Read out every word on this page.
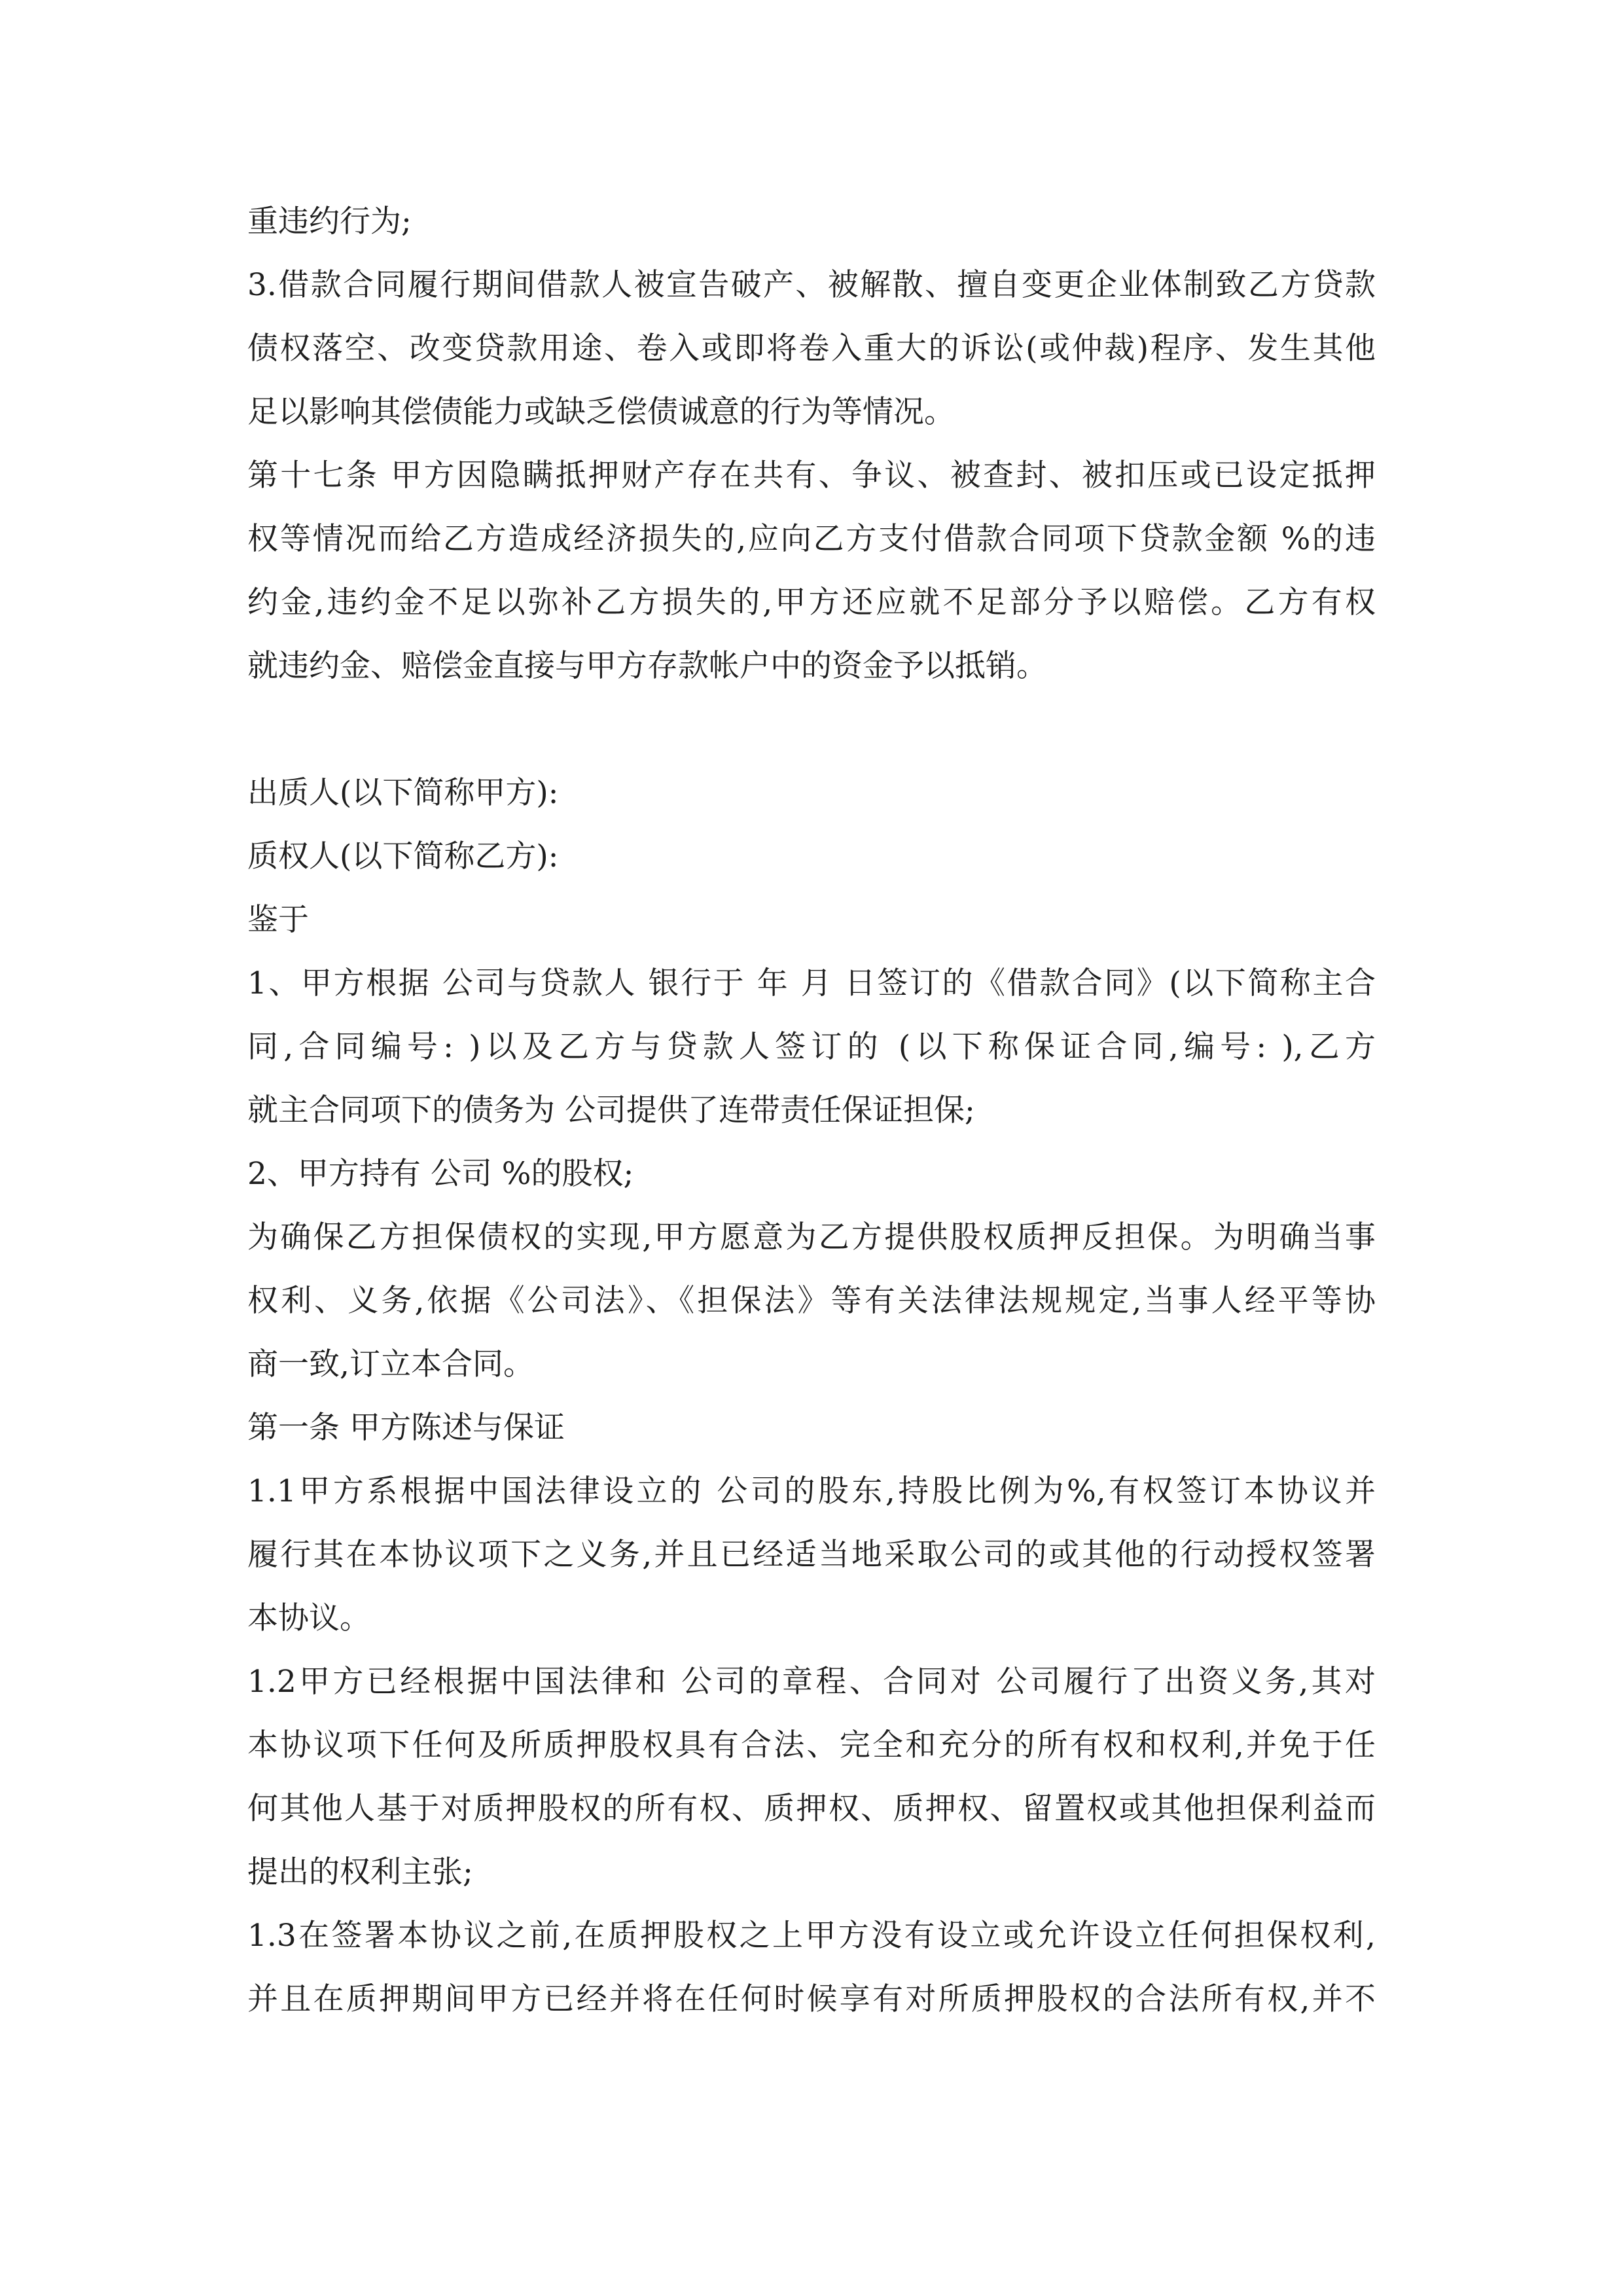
重违约行为;
3.借款合同履行期间借款人被宣告破产、被解散、擅自变更企业体制致乙方贷款
债权落空、改变贷款用途、卷入或即将卷入重大的诉讼(或仲裁)程序、发生其他
足以影响其偿债能力或缺乏偿债诚意的行为等情况。
第十七条 甲方因隐瞒抵押财产存在共有、争议、被查封、被扣压或已设定抵押
权等情况而给乙方造成经济损失的,应向乙方支付借款合同项下贷款金额 %的违
约金,违约金不足以弥补乙方损失的,甲方还应就不足部分予以赔偿。乙方有权
就违约金、赔偿金直接与甲方存款帐户中的资金予以抵销。
出质人(以下简称甲方):
质权人(以下简称乙方):
鉴于
1、甲方根据 公司与贷款人 银行于 年 月 日签订的《借款合同》(以下简称主合
同,合同编号: )以及乙方与贷款人签订的 (以下称保证合同,编号: ),乙方
就主合同项下的债务为 公司提供了连带责任保证担保;
2、甲方持有 公司 %的股权;
为确保乙方担保债权的实现,甲方愿意为乙方提供股权质押反担保。为明确当事
权利、义务,依据《公司法》、《担保法》等有关法律法规规定,当事人经平等协
商一致,订立本合同。
第一条 甲方陈述与保证
1.1甲方系根据中国法律设立的 公司的股东,持股比例为%,有权签订本协议并
履行其在本协议项下之义务,并且已经适当地采取公司的或其他的行动授权签署
本协议。
1.2甲方已经根据中国法律和 公司的章程、合同对 公司履行了出资义务,其对
本协议项下任何及所质押股权具有合法、完全和充分的所有权和权利,并免于任
何其他人基于对质押股权的所有权、质押权、质押权、留置权或其他担保利益而
提出的权利主张;
1.3在签署本协议之前,在质押股权之上甲方没有设立或允许设立任何担保权利,
并且在质押期间甲方已经并将在任何时候享有对所质押股权的合法所有权,并不
